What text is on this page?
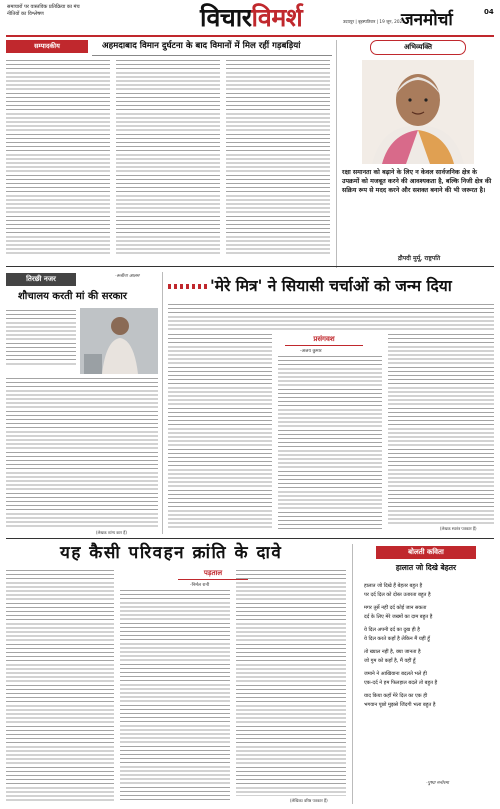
समाचारों पर वास्तविक प्रतिक्रिया का मंच नीतियों का विश्लेषण	विचारविमर्श	उदयपुर | बृहस्पतिवार | 19 जून, 2025
जनमोर्चा	04
सम्पादकीय	अहमदाबाद विमान दुर्घटना के बाद विमानों में मिल रहीं गड़बड़ियां	अभिव्यक्ति
रक्षा समानता को बढ़ाने के लिए न केवल सार्वजनिक क्षेत्र के उपक्रमों को मजबूत करने की आवश्यकता है, बल्कि निजी क्षेत्र की सक्रिय रूप से मदद करने और सशक्त बनाने की भी जरूरत है।
द्रौपदी मुर्मू, राष्ट्रपति
तिरछी नजर	-रूबीना आलम
शौचालय करती मां की सरकार
(लेखक व्यंग्य कार हैं)
'मेरे मित्र' ने सियासी चर्चाओं को जन्म दिया
प्रसंगवश
-अजय कुमार
(लेखक स्वतंत्र पत्रकार हैं)
यह कैसी परिवहन क्रांति के दावे
पड़ताल
-निर्मल रानी
(लेखिका वरिष्ठ पत्रकार हैं)
बोलती कविता
हालात जो दिखे बेहतर
हालात जो दिखे हैं बेहतर बहुत है
पर दर्द दिल को दोस्त उतारता बहुत है
मगर तूर्से नहीं दर्द कोई जान सकता
दर्द के लिए मेरे जख्मों का दाम बहुत है
ये दिल अपनी दर्द का दुख ही है
ये दिल करते कहाँ है लेकिन मैं यहीं हूँ
तो ख्याल नहीं है, क्या जानता है
जो गुम को कहाँ है, मैं वहीं हूँ
जमाने ने आखियाना बदलते भले ही
एक-दर्द ने हम फिलहाल बदले तो बहुत है
याद किया कहाँ मेरे दिल का एक ही
भगवान पूछो मुझसे जिंदगी भला बहुत है
-पुष्पा मनोरमा
